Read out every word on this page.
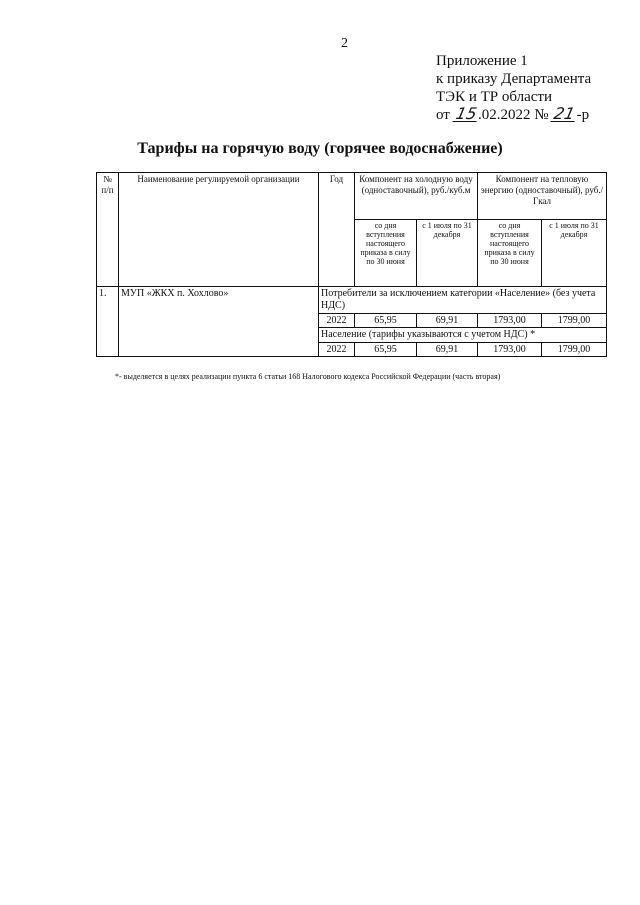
2
Приложение 1
к приказу Департамента
ТЭК и ТР области
от 15.02.2022 № 21-р
Тарифы на горячую воду (горячее водоснабжение)
№ п/п	Наименование регулируемой организации	Год	Компонент на холодную воду (одноставочный), руб./куб.м		Компонент на тепловую энергию (одноставочный), руб./Гкал	
			со дня вступления настоящего приказа в силу по 30 июня	с 1 июля по 31 декабря	со дня вступления настоящего приказа в силу по 30 июня	с 1 июля по 31 декабря
1.	МУП «ЖКХ п. Хохлово»	Потребители за исключением категории «Население» (без учета НДС)				
		2022	65,95	69,91	1793,00	1799,00
		Население (тарифы указываются с учетом НДС) *				
		2022	65,95	69,91	1793,00	1799,00
*- выделяется в целях реализации пункта 6 статьи 168 Налогового кодекса Российской Федерации (часть вторая)
